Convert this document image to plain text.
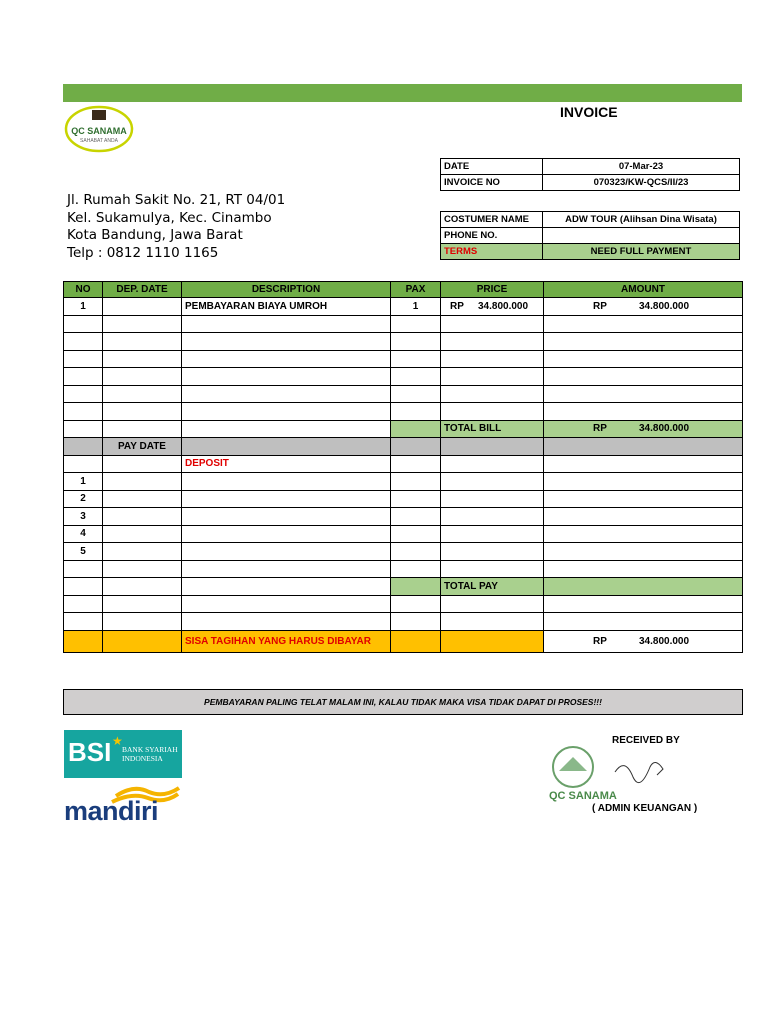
INVOICE
QC SANAMA
SAHABAT ANDA
Jl. Rumah Sakit No. 21, RT 04/01
Kel. Sukamulya, Kec. Cinambo
Kota Bandung, Jawa Barat
Telp : 0812 1110 1165
DATE	07-Mar-23
INVOICE NO	070323/KW-QCS/II/23
COSTUMER NAME	ADW TOUR (Alihsan Dina Wisata)
PHONE NO.	
TERMS	NEED FULL PAYMENT
NO	DEP. DATE	DESCRIPTION	PAX	PRICE	AMOUNT
1		PEMBAYARAN BIAYA UMROH	1	RP 34.800.000	RP 34.800.000

				TOTAL BILL	RP 34.800.000
	PAY DATE				
		DEPOSIT			
1					
2					
3					
4					
5					

				TOTAL PAY	

		SISA TAGIHAN YANG HARUS DIBAYAR			RP 34.800.000
PEMBAYARAN PALING TELAT MALAM INI, KALAU TIDAK MAKA VISA TIDAK DAPAT DI PROSES!!!
BSI ★
BANK SYARIAH
INDONESIA
mandiri	QC SANAMA
RECEIVED BY
( ADMIN KEUANGAN )
